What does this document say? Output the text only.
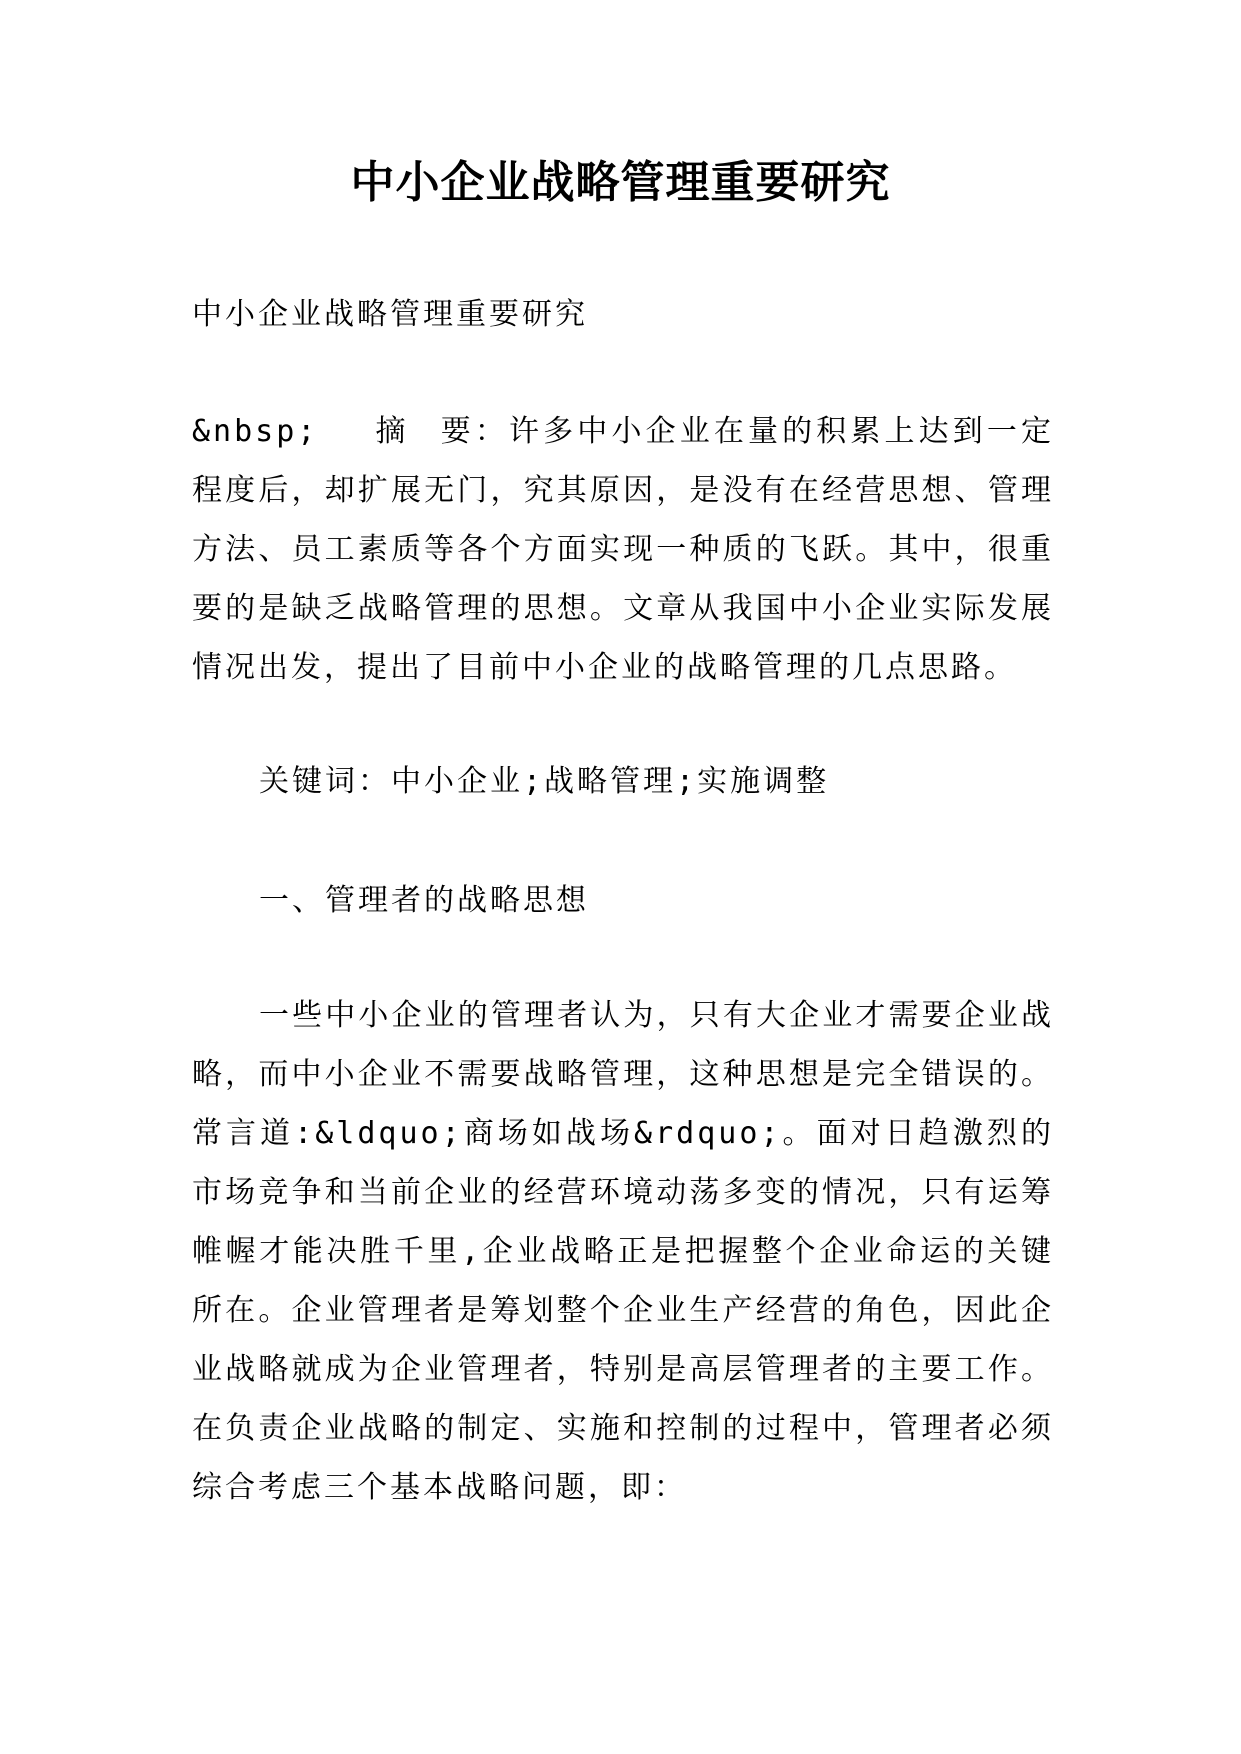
中小企业战略管理重要研究

中小企业战略管理重要研究

&nbsp; 摘 要：许多中小企业在量的积累上达到一定程度后，却扩展无门，究其原因，是没有在经营思想、管理方法、员工素质等各个方面实现一种质的飞跃。其中，很重要的是缺乏战略管理的思想。文章从我国中小企业实际发展情况出发，提出了目前中小企业的战略管理的几点思路。

关键词：中小企业;战略管理;实施调整

一、管理者的战略思想

一些中小企业的管理者认为，只有大企业才需要企业战略，而中小企业不需要战略管理，这种思想是完全错误的。常言道:&ldquo;商场如战场&rdquo;。面对日趋激烈的市场竞争和当前企业的经营环境动荡多变的情况，只有运筹帷幄才能决胜千里,企业战略正是把握整个企业命运的关键所在。企业管理者是筹划整个企业生产经营的角色，因此企业战略就成为企业管理者，特别是高层管理者的主要工作。在负责企业战略的制定、实施和控制的过程中，管理者必须综合考虑三个基本战略问题，即：
